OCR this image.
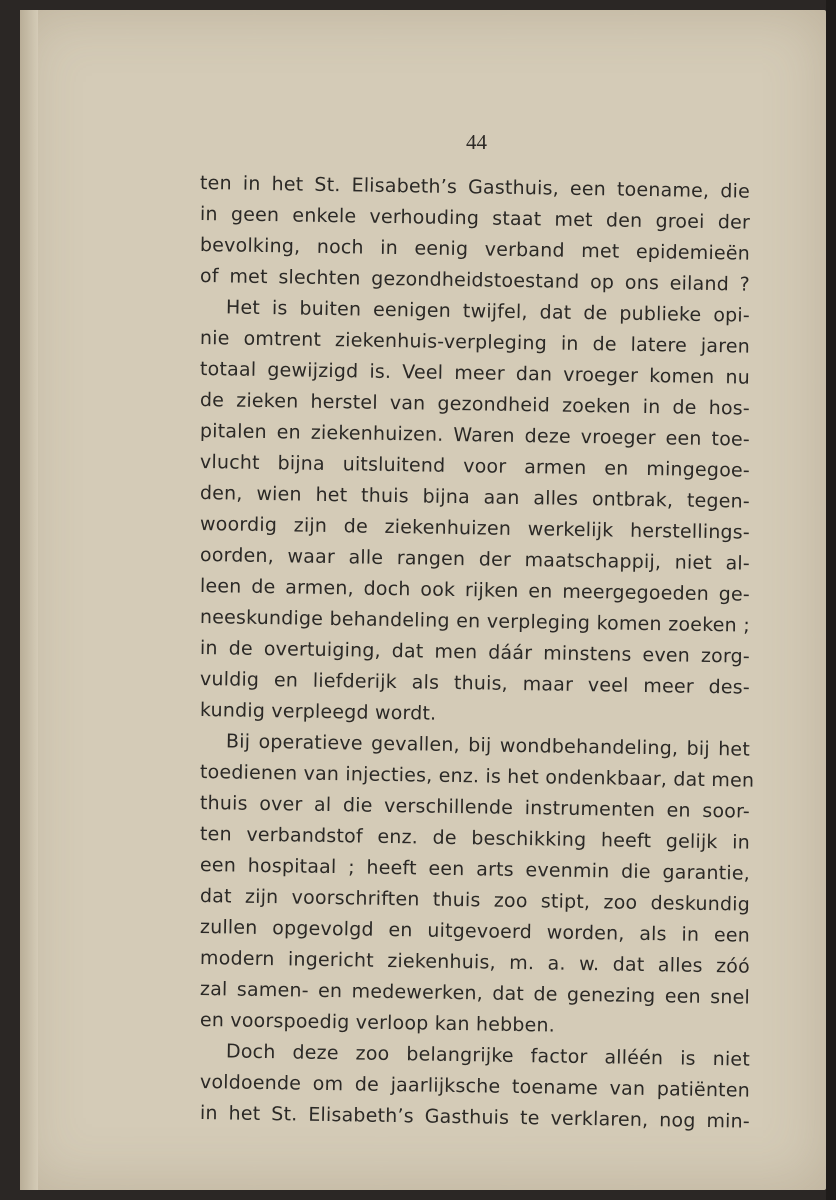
44
ten in het St. Elisabeth’s Gasthuis, een toename, die
in geen enkele verhouding staat met den groei der
bevolking, noch in eenig verband met epidemieën
of met slechten gezondheidstoestand op ons eiland ?
Het is buiten eenigen twijfel, dat de publieke opi-
nie omtrent ziekenhuis-verpleging in de latere jaren
totaal gewijzigd is. Veel meer dan vroeger komen nu
de zieken herstel van gezondheid zoeken in de hos-
pitalen en ziekenhuizen. Waren deze vroeger een toe-
vlucht bijna uitsluitend voor armen en mingegoe-
den, wien het thuis bijna aan alles ontbrak, tegen-
woordig zijn de ziekenhuizen werkelijk herstellings-
oorden, waar alle rangen der maatschappij, niet al-
leen de armen, doch ook rijken en meergegoeden ge-
neeskundige behandeling en verpleging komen zoeken ;
in de overtuiging, dat men dáár minstens even zorg-
vuldig en liefderijk als thuis, maar veel meer des-
kundig verpleegd wordt.
Bij operatieve gevallen, bij wondbehandeling, bij het
toedienen van injecties, enz. is het ondenkbaar, dat men
thuis over al die verschillende instrumenten en soor-
ten verbandstof enz. de beschikking heeft gelijk in
een hospitaal ; heeft een arts evenmin die garantie,
dat zijn voorschriften thuis zoo stipt, zoo deskundig
zullen opgevolgd en uitgevoerd worden, als in een
modern ingericht ziekenhuis, m. a. w. dat alles zóó
zal samen- en medewerken, dat de genezing een snel
en voorspoedig verloop kan hebben.
Doch deze zoo belangrijke factor alléén is niet
voldoende om de jaarlijksche toename van patiënten
in het St. Elisabeth’s Gasthuis te verklaren, nog min-
